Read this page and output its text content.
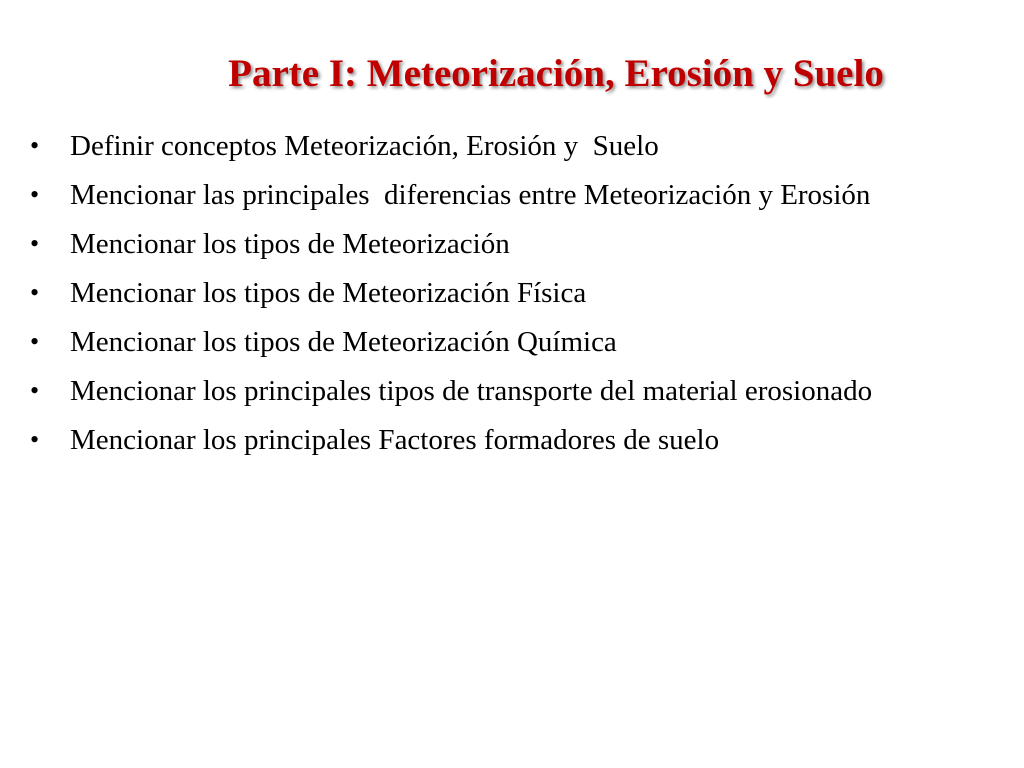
Parte I: Meteorización, Erosión y Suelo
•	Definir conceptos Meteorización, Erosión y  Suelo
•	Mencionar las principales  diferencias entre Meteorización y Erosión
•	Mencionar los tipos de Meteorización
•	Mencionar los tipos de Meteorización Física
•	Mencionar los tipos de Meteorización Química
•	Mencionar los principales tipos de transporte del material erosionado
•	Mencionar los principales Factores formadores de suelo
